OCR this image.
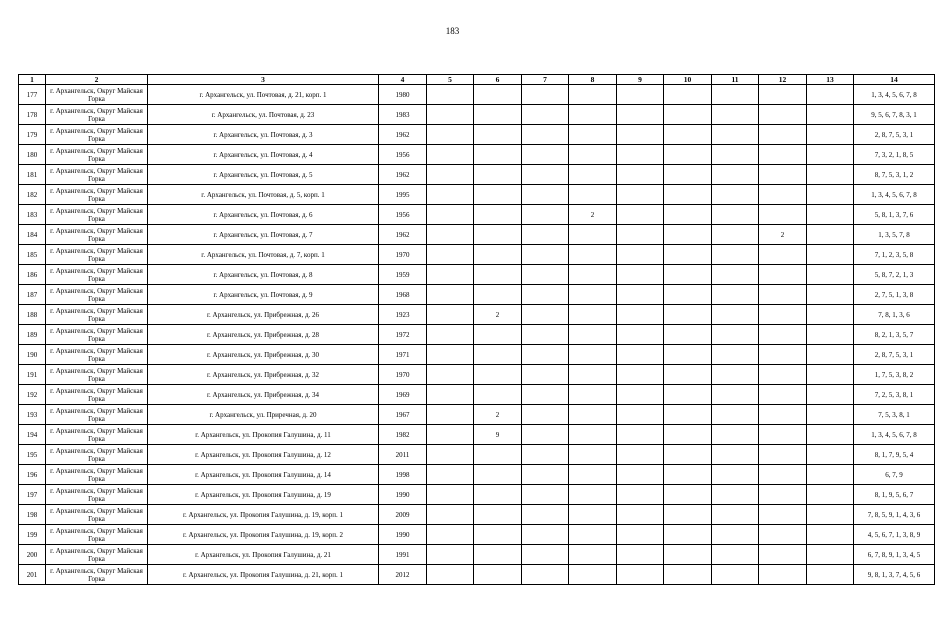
183
1	2	3	4	5	6	7	8	9	10	11	12	13	14
177	г. Архангельск, Округ Майская Горка	г. Архангельск, ул. Почтовая, д. 21, корп. 1	1980										1, 3, 4, 5, 6, 7, 8
178	г. Архангельск, Округ Майская Горка	г. Архангельск, ул. Почтовая, д. 23	1983										9, 5, 6, 7, 8, 3, 1
179	г. Архангельск, Округ Майская Горка	г. Архангельск, ул. Почтовая, д. 3	1962										2, 8, 7, 5, 3, 1
180	г. Архангельск, Округ Майская Горка	г. Архангельск, ул. Почтовая, д. 4	1956										7, 3, 2, 1, 8, 5
181	г. Архангельск, Округ Майская Горка	г. Архангельск, ул. Почтовая, д. 5	1962										8, 7, 5, 3, 1, 2
182	г. Архангельск, Округ Майская Горка	г. Архангельск, ул. Почтовая, д. 5, корп. 1	1995										1, 3, 4, 5, 6, 7, 8
183	г. Архангельск, Округ Майская Горка	г. Архангельск, ул. Почтовая, д. 6	1956				2						5, 8, 1, 3, 7, 6
184	г. Архангельск, Округ Майская Горка	г. Архангельск, ул. Почтовая, д. 7	1962								2		1, 3, 5, 7, 8
185	г. Архангельск, Округ Майская Горка	г. Архангельск, ул. Почтовая, д. 7, корп. 1	1970										7, 1, 2, 3, 5, 8
186	г. Архангельск, Округ Майская Горка	г. Архангельск, ул. Почтовая, д. 8	1959										5, 8, 7, 2, 1, 3
187	г. Архангельск, Округ Майская Горка	г. Архангельск, ул. Почтовая, д. 9	1968										2, 7, 5, 1, 3, 8
188	г. Архангельск, Округ Майская Горка	г. Архангельск, ул. Прибрежная, д. 26	1923		2								7, 8, 1, 3, 6
189	г. Архангельск, Округ Майская Горка	г. Архангельск, ул. Прибрежная, д. 28	1972										8, 2, 1, 3, 5, 7
190	г. Архангельск, Округ Майская Горка	г. Архангельск, ул. Прибрежная, д. 30	1971										2, 8, 7, 5, 3, 1
191	г. Архангельск, Округ Майская Горка	г. Архангельск, ул. Прибрежная, д. 32	1970										1, 7, 5, 3, 8, 2
192	г. Архангельск, Округ Майская Горка	г. Архангельск, ул. Прибрежная, д. 34	1969										7, 2, 5, 3, 8, 1
193	г. Архангельск, Округ Майская Горка	г. Архангельск, ул. Приречная, д. 20	1967		2								7, 5, 3, 8, 1
194	г. Архангельск, Округ Майская Горка	г. Архангельск, ул. Прокопия Галушина, д. 11	1982		9								1, 3, 4, 5, 6, 7, 8
195	г. Архангельск, Округ Майская Горка	г. Архангельск, ул. Прокопия Галушина, д. 12	2011										8, 1, 7, 9, 5, 4
196	г. Архангельск, Округ Майская Горка	г. Архангельск, ул. Прокопия Галушина, д. 14	1998										6, 7, 9
197	г. Архангельск, Округ Майская Горка	г. Архангельск, ул. Прокопия Галушина, д. 19	1990										8, 1, 9, 5, 6, 7
198	г. Архангельск, Округ Майская Горка	г. Архангельск, ул. Прокопия Галушина, д. 19, корп. 1	2009										7, 8, 5, 9, 1, 4, 3, 6
199	г. Архангельск, Округ Майская Горка	г. Архангельск, ул. Прокопия Галушина, д. 19, корп. 2	1990										4, 5, 6, 7, 1, 3, 8, 9
200	г. Архангельск, Округ Майская Горка	г. Архангельск, ул. Прокопия Галушина, д. 21	1991										6, 7, 8, 9, 1, 3, 4, 5
201	г. Архангельск, Округ Майская Горка	г. Архангельск, ул. Прокопия Галушина, д. 21, корп. 1	2012										9, 8, 1, 3, 7, 4, 5, 6
